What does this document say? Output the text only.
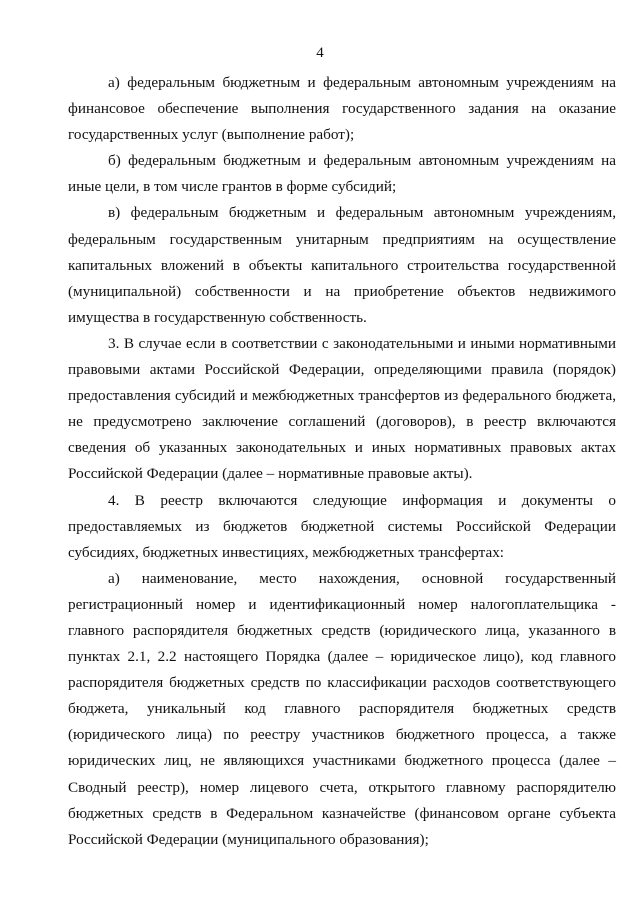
4

а) федеральным бюджетным и федеральным автономным учреждениям на финансовое обеспечение выполнения государственного задания на оказание государственных услуг (выполнение работ);

б) федеральным бюджетным и федеральным автономным учреждениям на иные цели, в том числе грантов в форме субсидий;

в) федеральным бюджетным и федеральным автономным учреждениям, федеральным государственным унитарным предприятиям на осуществление капитальных вложений в объекты капитального строительства государственной (муниципальной) собственности и на приобретение объектов недвижимого имущества в государственную собственность.

3. В случае если в соответствии с законодательными и иными нормативными правовыми актами Российской Федерации, определяющими правила (порядок) предоставления субсидий и межбюджетных трансфертов из федерального бюджета, не предусмотрено заключение соглашений (договоров), в реестр включаются сведения об указанных законодательных и иных нормативных правовых актах Российской Федерации (далее – нормативные правовые акты).

4. В реестр включаются следующие информация и документы о предоставляемых из бюджетов бюджетной системы Российской Федерации субсидиях, бюджетных инвестициях, межбюджетных трансфертах:

а) наименование, место нахождения, основной государственный регистрационный номер и идентификационный номер налогоплательщика - главного распорядителя бюджетных средств (юридического лица, указанного в пунктах 2.1, 2.2 настоящего Порядка (далее – юридическое лицо), код главного распорядителя бюджетных средств по классификации расходов соответствующего бюджета, уникальный код главного распорядителя бюджетных средств (юридического лица) по реестру участников бюджетного процесса, а также юридических лиц, не являющихся участниками бюджетного процесса (далее – Сводный реестр), номер лицевого счета, открытого главному распорядителю бюджетных средств в Федеральном казначействе (финансовом органе субъекта Российской Федерации (муниципального образования);
